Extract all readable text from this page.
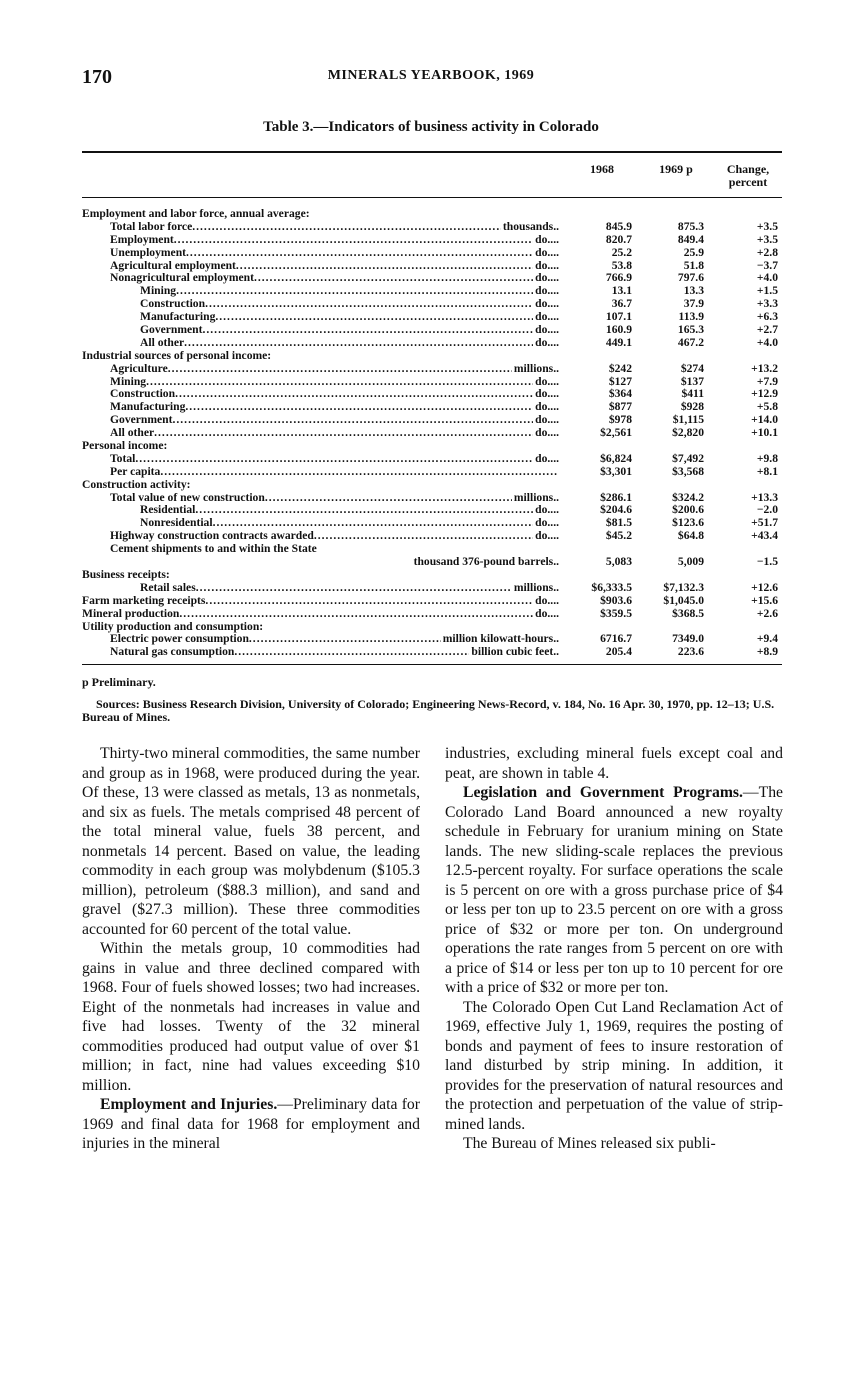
170	MINERALS YEARBOOK, 1969
Table 3.—Indicators of business activity in Colorado
1968	1969 p	Change,
percent
Employment and labor force, annual average:
Total labor force .....	thousands..	845.9	875.3	+3.5
Employment .....	do....	820.7	849.4	+3.5
Unemployment .....	do....	25.2	25.9	+2.8
Agricultural employment .....	do....	53.8	51.8	−3.7
Nonagricultural employment .....	do....	766.9	797.6	+4.0
Mining .....	do....	13.1	13.3	+1.5
Construction .....	do....	36.7	37.9	+3.3
Manufacturing .....	do....	107.1	113.9	+6.3
Government .....	do....	160.9	165.3	+2.7
All other .....	do....	449.1	467.2	+4.0
Industrial sources of personal income:
Agriculture .....	millions..	$242	$274	+13.2
Mining .....	do....	$127	$137	+7.9
Construction .....	do....	$364	$411	+12.9
Manufacturing .....	do....	$877	$928	+5.8
Government .....	do....	$978	$1,115	+14.0
All other .....	do....	$2,561	$2,820	+10.1
Personal income:
Total .....	do....	$6,824	$7,492	+9.8
Per capita .....	$3,301	$3,568	+8.1
Construction activity:
Total value of new construction .....	millions..	$286.1	$324.2	+13.3
Residential .....	do....	$204.6	$200.6	−2.0
Nonresidential .....	do....	$81.5	$123.6	+51.7
Highway construction contracts awarded .....	do....	$45.2	$64.8	+43.4
Cement shipments to and within the State
thousand 376-pound barrels..	5,083	5,009	−1.5
Business receipts:
Retail sales .....	millions..	$6,333.5	$7,132.3	+12.6
Farm marketing receipts .....	do....	$903.6	$1,045.0	+15.6
Mineral production .....	do....	$359.5	$368.5	+2.6
Utility production and consumption:
Electric power consumption .....	million kilowatt-hours..	6716.7	7349.0	+9.4
Natural gas consumption .....	billion cubic feet..	205.4	223.6	+8.9
p Preliminary.
Sources: Business Research Division, University of Colorado; Engineering News-Record, v. 184, No. 16 Apr. 30, 1970, pp. 12–13; U.S. Bureau of Mines.

Thirty-two mineral commodities, the same number and group as in 1968, were produced during the year. Of these, 13 were classed as metals, 13 as nonmetals, and six as fuels. The metals comprised 48 percent of the total mineral value, fuels 38 percent, and nonmetals 14 percent. Based on value, the leading commodity in each group was molybdenum ($105.3 million), petroleum ($88.3 million), and sand and gravel ($27.3 million). These three commodities accounted for 60 percent of the total value.

Within the metals group, 10 commodities had gains in value and three declined compared with 1968. Four of fuels showed losses; two had increases. Eight of the nonmetals had increases in value and five had losses. Twenty of the 32 mineral commodities produced had output value of over $1 million; in fact, nine had values exceeding $10 million.

Employment and Injuries.—Preliminary data for 1969 and final data for 1968 for employment and injuries in the mineral

industries, excluding mineral fuels except coal and peat, are shown in table 4.

Legislation and Government Programs.—The Colorado Land Board announced a new royalty schedule in February for uranium mining on State lands. The new sliding-scale replaces the previous 12.5-percent royalty. For surface operations the scale is 5 percent on ore with a gross purchase price of $4 or less per ton up to 23.5 percent on ore with a gross price of $32 or more per ton. On underground operations the rate ranges from 5 percent on ore with a price of $14 or less per ton up to 10 percent for ore with a price of $32 or more per ton.

The Colorado Open Cut Land Reclamation Act of 1969, effective July 1, 1969, requires the posting of bonds and payment of fees to insure restoration of land disturbed by strip mining. In addition, it provides for the preservation of natural resources and the protection and perpetuation of the value of strip-mined lands.

The Bureau of Mines released six publi-
